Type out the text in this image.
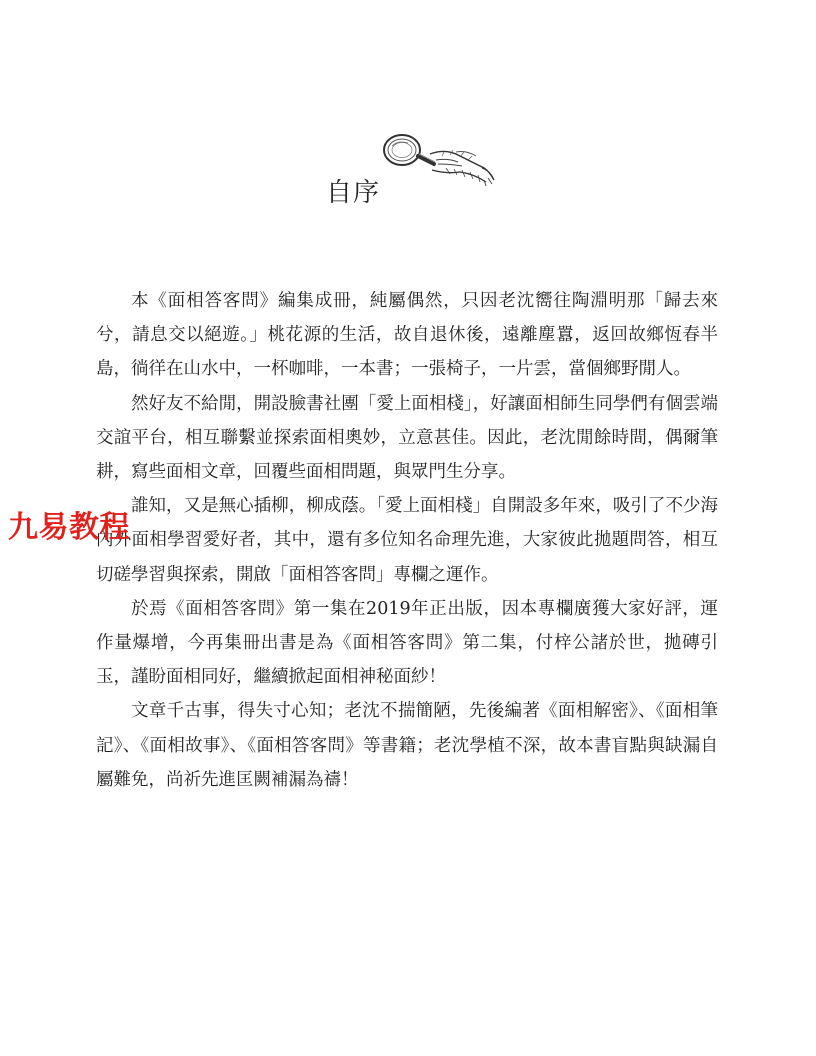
自序

本《面相答客問》編集成冊，純屬偶然，只因老沈嚮往陶淵明那「歸去來兮，請息交以絕遊。」桃花源的生活，故自退休後，遠離塵囂，返回故鄉恆春半島，徜徉在山水中，一杯咖啡，一本書；一張椅子，一片雲，當個鄉野閒人。

然好友不給閒，開設臉書社團「愛上面相棧」，好讓面相師生同學們有個雲端交誼平台，相互聯繫並探索面相奧妙，立意甚佳。因此，老沈閒餘時間，偶爾筆耕，寫些面相文章，回覆些面相問題，與眾門生分享。

誰知，又是無心插柳，柳成蔭。「愛上面相棧」自開設多年來，吸引了不少海內外面相學習愛好者，其中，還有多位知名命理先進，大家彼此拋題問答，相互切磋學習與探索，開啟「面相答客問」專欄之運作。

於焉《面相答客問》第一集在2019年正出版，因本專欄廣獲大家好評，運作量爆增，今再集冊出書是為《面相答客問》第二集，付梓公諸於世，拋磚引玉，謹盼面相同好，繼續掀起面相神秘面紗！

文章千古事，得失寸心知；老沈不揣簡陋，先後編著《面相解密》、《面相筆記》、《面相故事》、《面相答客問》等書籍；老沈學植不深，故本書盲點與缺漏自屬難免，尚祈先進匡闕補漏為禱！

九易教程
